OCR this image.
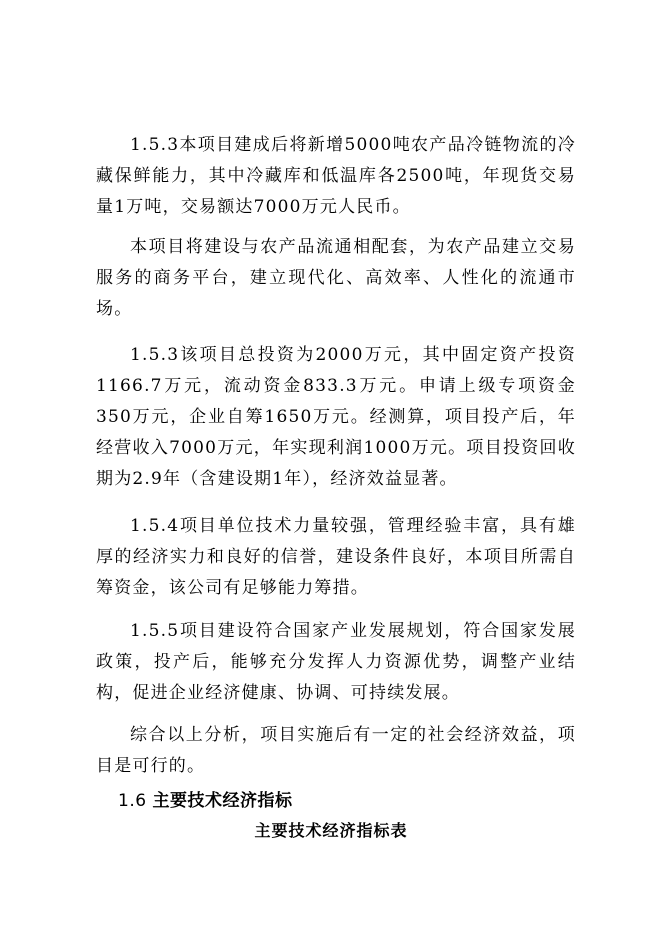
1.5.3本项目建成后将新增5000吨农产品冷链物流的冷藏保鲜能力，其中冷藏库和低温库各2500吨，年现货交易量1万吨，交易额达7000万元人民币。

本项目将建设与农产品流通相配套，为农产品建立交易服务的商务平台，建立现代化、高效率、人性化的流通市场。

1.5.3该项目总投资为2000万元，其中固定资产投资1166.7万元，流动资金833.3万元。申请上级专项资金350万元，企业自筹1650万元。经测算，项目投产后，年经营收入7000万元，年实现利润1000万元。项目投资回收期为2.9年（含建设期1年），经济效益显著。

1.5.4项目单位技术力量较强，管理经验丰富，具有雄厚的经济实力和良好的信誉，建设条件良好，本项目所需自筹资金，该公司有足够能力筹措。

1.5.5项目建设符合国家产业发展规划，符合国家发展政策，投产后，能够充分发挥人力资源优势，调整产业结构，促进企业经济健康、协调、可持续发展。

综合以上分析，项目实施后有一定的社会经济效益，项目是可行的。

1.6 主要技术经济指标
主要技术经济指标表
